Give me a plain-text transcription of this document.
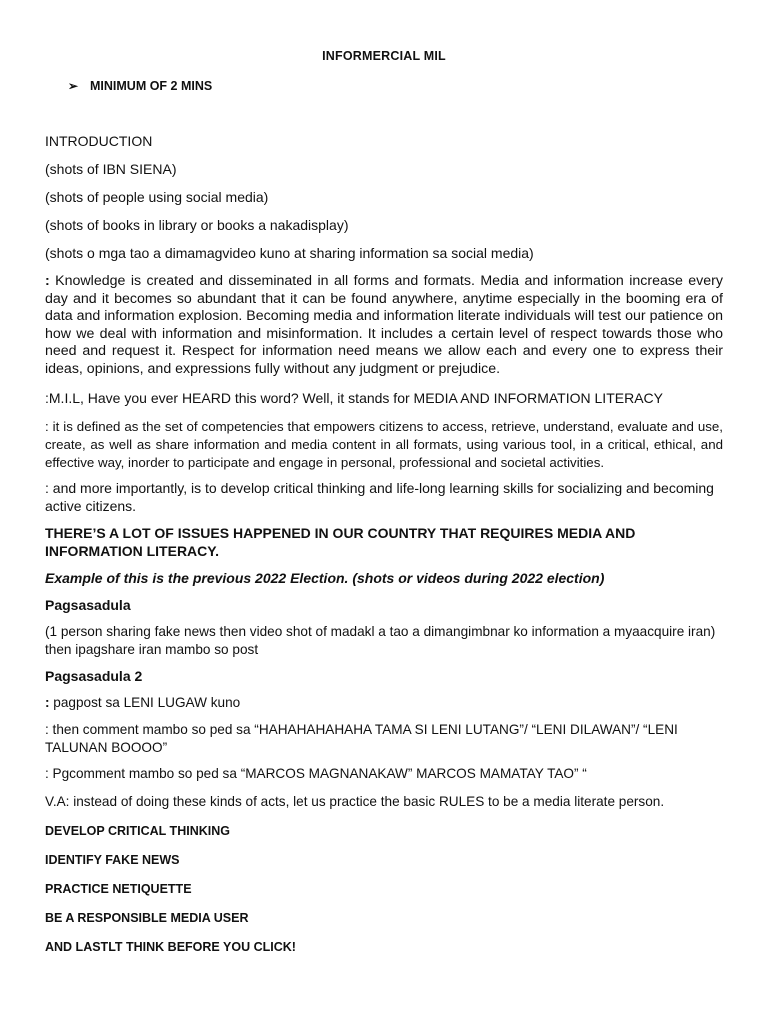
INFORMERCIAL MIL

➢ MINIMUM OF 2 MINS

INTRODUCTION

(shots of IBN SIENA)

(shots of people using social media)

(shots of books in library or books a nakadisplay)

(shots o mga tao a dimamagvideo kuno at sharing information sa social media)

: Knowledge is created and disseminated in all forms and formats. Media and information increase every day and it becomes so abundant that it can be found anywhere, anytime especially in the booming era of data and information explosion. Becoming media and information literate individuals will test our patience on how we deal with information and misinformation. It includes a certain level of respect towards those who need and request it. Respect for information need means we allow each and every one to express their ideas, opinions, and expressions fully without any judgment or prejudice.

:M.I.L, Have you ever HEARD this word? Well, it stands for MEDIA AND INFORMATION LITERACY

: it is defined as the set of competencies that empowers citizens to access, retrieve, understand, evaluate and use, create, as well as share information and media content in all formats, using various tool, in a critical, ethical, and effective way, inorder to participate and engage in personal, professional and societal activities.

: and more importantly, is to develop critical thinking and life-long learning skills for socializing and becoming active citizens.

THERE’S A LOT OF ISSUES HAPPENED IN OUR COUNTRY THAT REQUIRES MEDIA AND INFORMATION LITERACY.

Example of this is the previous 2022 Election. (shots or videos during 2022 election)

Pagsasadula

(1 person sharing fake news then video shot of madakl a tao a dimangimbnar ko information a myaacquire iran) then ipagshare iran mambo so post

Pagsasadula 2

: pagpost sa LENI LUGAW kuno

: then comment mambo so ped sa “HAHAHAHAHAHA TAMA SI LENI LUTANG”/ “LENI DILAWAN”/ “LENI TALUNAN BOOOO”

: Pgcomment mambo so ped sa “MARCOS MAGNANAKAW” MARCOS MAMATAY TAO” “

V.A: instead of doing these kinds of acts, let us practice the basic RULES to be a media literate person.

DEVELOP CRITICAL THINKING

IDENTIFY FAKE NEWS

PRACTICE NETIQUETTE

BE A RESPONSIBLE MEDIA USER

AND LASTLT THINK BEFORE YOU CLICK!
